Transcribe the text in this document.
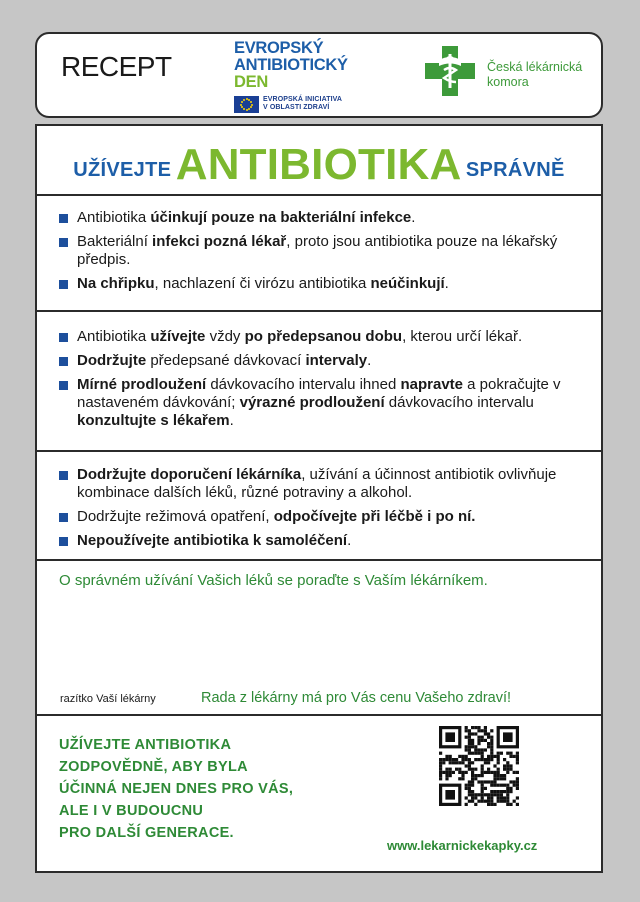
RECEPT
EVROPSKÝ
ANTIBIOTICKÝ
DEN
EVROPSKÁ INICIATIVA
V OBLASTI ZDRAVÍ
Česká lékárnická
komora
UŽÍVEJTE ANTIBIOTIKA SPRÁVNĚ
Antibiotika účinkují pouze na bakteriální infekce.
Bakteriální infekci pozná lékař, proto jsou antibiotika pouze na lékařský předpis.
Na chřipku, nachlazení či virózu antibiotika neúčinkují.
Antibiotika užívejte vždy po předepsanou dobu, kterou určí lékař.
Dodržujte předepsané dávkovací intervaly.
Mírné prodloužení dávkovacího intervalu ihned napravte a pokračujte v nastaveném dávkování; výrazné prodloužení dávkovacího intervalu konzultujte s lékařem.
Dodržujte doporučení lékárníka, užívání a účinnost antibiotik ovlivňuje kombinace dalších léků, různé potraviny a alkohol.
Dodržujte režimová opatření, odpočívejte při léčbě i po ní.
Nepoužívejte antibiotika k samoléčení.
O správném užívání Vašich léků se poraďte s Vaším lékárníkem.
razítko Vaší lékárny	Rada z lékárny má pro Vás cenu Vašeho zdraví!
UŽÍVEJTE ANTIBIOTIKA
ZODPOVĚDNĚ, ABY BYLA
ÚČINNÁ NEJEN DNES PRO VÁS,
ALE I V BUDOUCNU
PRO DALŠÍ GENERACE.
www.lekarnickekapky.cz
